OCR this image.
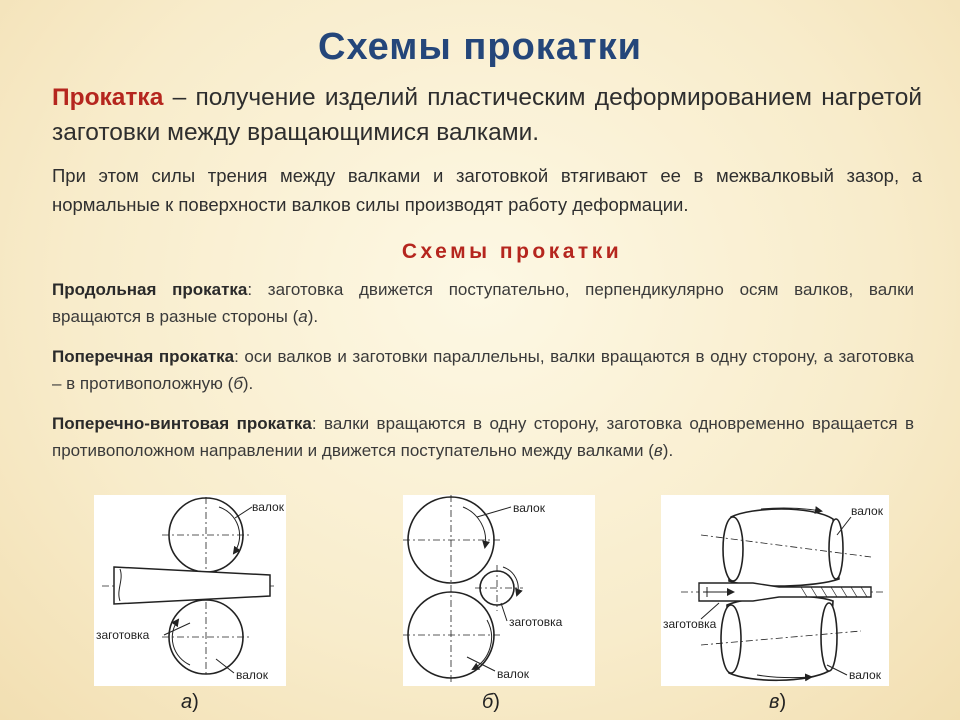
Схемы прокатки
Прокатка – получение изделий пластическим деформированием нагретой заготовки между вращающимися валками.
При этом силы трения между валками и заготовкой втягивают ее в межвалковый зазор, а нормальные к поверхности валков силы производят работу деформации.
Схемы прокатки
Продольная прокатка: заготовка движется поступательно, перпендикулярно осям валков, валки вращаются в разные стороны (а).
Поперечная прокатка: оси валков и заготовки параллельны, валки вращаются в одну сторону, а заготовка – в противоположную (б).
Поперечно-винтовая прокатка: валки вращаются в одну сторону, заготовка одновременно вращается в противоположном направлении и движется поступательно между валками (в).
валок
заготовка
валок
валок
заготовка
валок
валок
заготовка
валок
а)	б)	в)
